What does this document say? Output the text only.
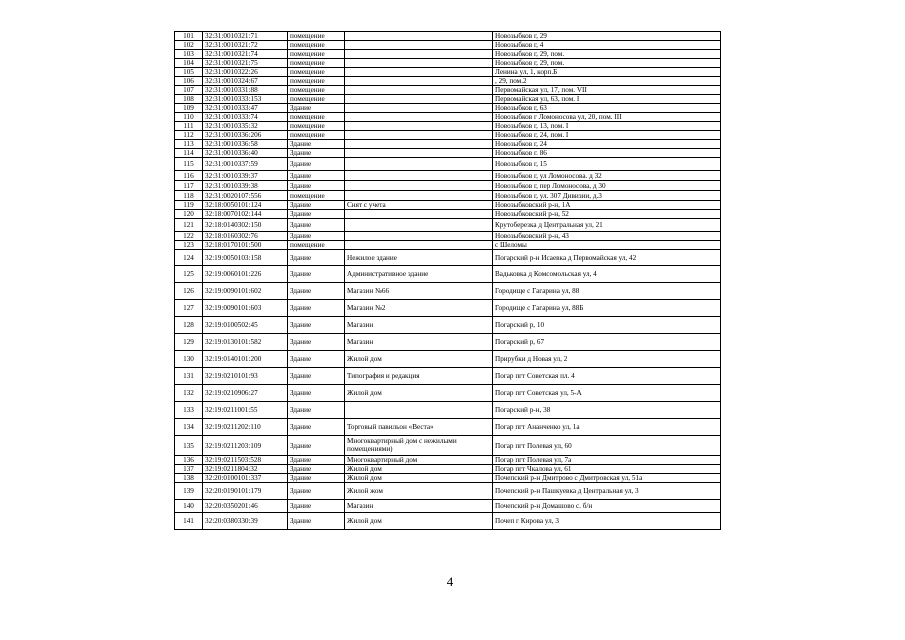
101	32:31:0010321:71	помещение		Новозыбков г, 29
102	32:31:0010321:72	помещение		Новозыбков г, 4
103	32:31:0010321:74	помещение		Новозыбков г, 29, пом.
104	32:31:0010321:75	помещение		Новозыбков г, 29, пом.
105	32:31:0010322:26	помещение		Ленина ул, 1, корп.Б
106	32:31:0010324:67	помещение		, 29, пом.2
107	32:31:0010331:88	помещение		Первомайская ул, 17, пом. VII
108	32:31:0010333:153	помещение		Первомайская ул, 63, пом. I
109	32:31:0010333:47	Здание		Новозыбков г, 63
110	32:31:0010333:74	помещение		Новозыбков г Ломоносова ул, 20, пом. III
111	32:31:0010335:32	помещение		Новозыбков г, 13, пом. I
112	32:31:0010336:206	помещение		Новозыбков г, 24, пом. I
113	32:31:0010336:58	Здание		Новозыбков г, 24
114	32:31:0010336:40	Здание		Новозыбков г. 86
115	32:31:0010337:59	Здание		Новозыбков г, 15
116	32:31:0010339:37	Здание		Новозыбков г, ул Ломоносова. д 32
117	32:31:0010339:38	Здание		Новозыбков г, пер Ломоносова, д 30
118	32:31:0020107:556	помещение		Новозыбков г, ул. 307 Дивизии, д.3
119	32:18:0050101:124	Здание	Снят с учета	Новозыбковский р-н, 1А
120	32:18:0070102:144	Здание		Новозыбковский р-н, 52
121	32:18:0140302:150	Здание		Крутоберезка д Центральная ул, 21
122	32:18:0160302:76	Здание		Новозыбковский р-н, 43
123	32:18:0170101:500	помещение		с Шеломы
124	32:19:0050103:158	Здание	Нежилое здание	Погарский р-н Исаевка д Первомайская ул, 42
125	32:19:0060101:226	Здание	Административное здание	Вадьковка д Комсомольская ул, 4
126	32:19:0090101:602	Здание	Магазин №66	Городище с Гагарина ул, 88
127	32:19:0090101:603	Здание	Магазин №2	Городище с Гагарина ул, 88Б
128	32:19:0100502:45	Здание	Магазин	Погарский р, 10
129	32:19:0130101:582	Здание	Магазин	Погарский р, 67
130	32:19:0140101:200	Здание	Жилой дом	Прирубки д Новая ул, 2
131	32:19:0210101:93	Здание	Типография и редакция	Погар пгт Советская пл. 4
132	32:19:0210906:27	Здание	Жилой дом	Погар пгт Советская ул, 5-А
133	32:19:0211001:55	Здание		Погарский р-н, 38
134	32:19:0211202:110	Здание	Торговый павильон «Веста»	Погар пгт Ананченко ул, 1а
135	32:19:0211203:109	Здание	Многоквартирный дом с нежилыми помещениями)	Погар пгт Полевая ул, 60
136	32:19:0211503:528	Здание	Многоквартирный дом	Погар пгт Полевая ул, 7а
137	32:19:0211804:32	Здание	Жилой дом	Погар пгт Чкалова ул, 61
138	32:20:0100101:337	Здание	Жилой дом	Почепский р-н Дмитрово с Дмитровская ул, 51а
139	32:20:0190101:179	Здание	Жилой жом	Почепский р-н Пашкуевка д Центральная ул, 3
140	32:20:0350201:46	Здание	Магазин	Почепский р-н Домашово с. б/н
141	32:20:0380330:39	Здание	Жилой дом	Почеп г Кирова ул, 3
4
